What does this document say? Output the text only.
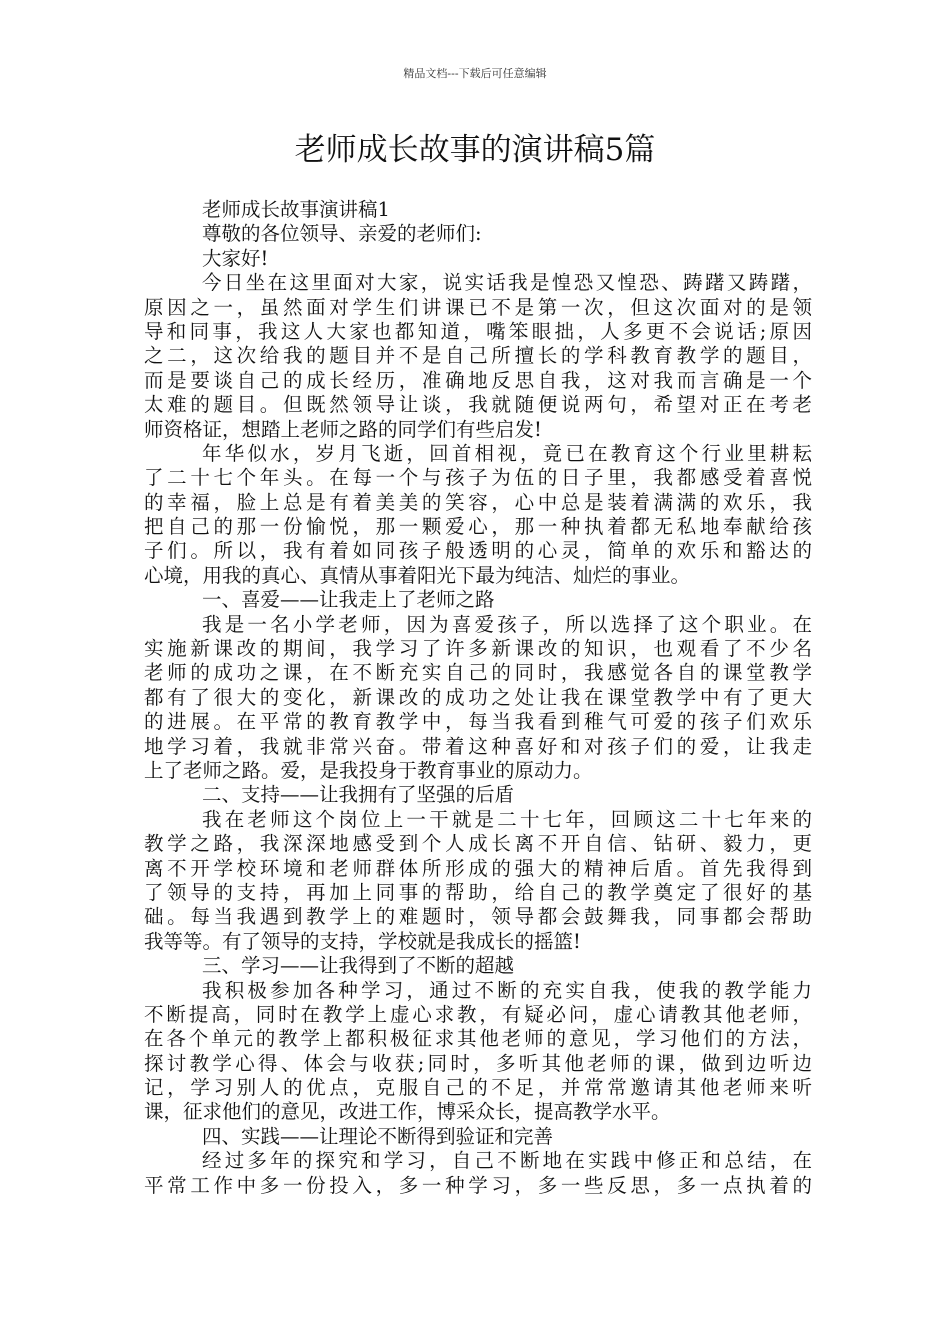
精品文档---下载后可任意编辑
老师成长故事的演讲稿5篇
老师成长故事演讲稿1
尊敬的各位领导、亲爱的老师们:
大家好!
今日坐在这里面对大家，说实话我是惶恐又惶恐、踌躇又踌躇，
原因之一，虽然面对学生们讲课已不是第一次，但这次面对的是领
导和同事，我这人大家也都知道，嘴笨眼拙，人多更不会说话;原因
之二，这次给我的题目并不是自己所擅长的学科教育教学的题目，
而是要谈自己的成长经历，准确地反思自我，这对我而言确是一个
太难的题目。但既然领导让谈，我就随便说两句，希望对正在考老
师资格证，想踏上老师之路的同学们有些启发!
年华似水，岁月飞逝，回首相视，竟已在教育这个行业里耕耘
了二十七个年头。在每一个与孩子为伍的日子里，我都感受着喜悦
的幸福，脸上总是有着美美的笑容，心中总是装着满满的欢乐，我
把自己的那一份愉悦，那一颗爱心，那一种执着都无私地奉献给孩
子们。所以，我有着如同孩子般透明的心灵，简单的欢乐和豁达的
心境，用我的真心、真情从事着阳光下最为纯洁、灿烂的事业。
一、喜爱——让我走上了老师之路
我是一名小学老师，因为喜爱孩子，所以选择了这个职业。在
实施新课改的期间，我学习了许多新课改的知识，也观看了不少名
老师的成功之课，在不断充实自己的同时，我感觉各自的课堂教学
都有了很大的变化，新课改的成功之处让我在课堂教学中有了更大
的进展。在平常的教育教学中，每当我看到稚气可爱的孩子们欢乐
地学习着，我就非常兴奋。带着这种喜好和对孩子们的爱，让我走
上了老师之路。爱，是我投身于教育事业的原动力。
二、支持——让我拥有了坚强的后盾
我在老师这个岗位上一干就是二十七年，回顾这二十七年来的
教学之路，我深深地感受到个人成长离不开自信、钻研、毅力，更
离不开学校环境和老师群体所形成的强大的精神后盾。首先我得到
了领导的支持，再加上同事的帮助，给自己的教学奠定了很好的基
础。每当我遇到教学上的难题时，领导都会鼓舞我，同事都会帮助
我等等。有了领导的支持，学校就是我成长的摇篮!
三、学习——让我得到了不断的超越
我积极参加各种学习，通过不断的充实自我，使我的教学能力
不断提高，同时在教学上虚心求教，有疑必问，虚心请教其他老师，
在各个单元的教学上都积极征求其他老师的意见，学习他们的方法，
探讨教学心得、体会与收获;同时，多听其他老师的课，做到边听边
记，学习别人的优点，克服自己的不足，并常常邀请其他老师来听
课，征求他们的意见，改进工作，博采众长，提高教学水平。
四、实践——让理论不断得到验证和完善
经过多年的探究和学习，自己不断地在实践中修正和总结，在
平常工作中多一份投入，多一种学习，多一些反思，多一点执着的
